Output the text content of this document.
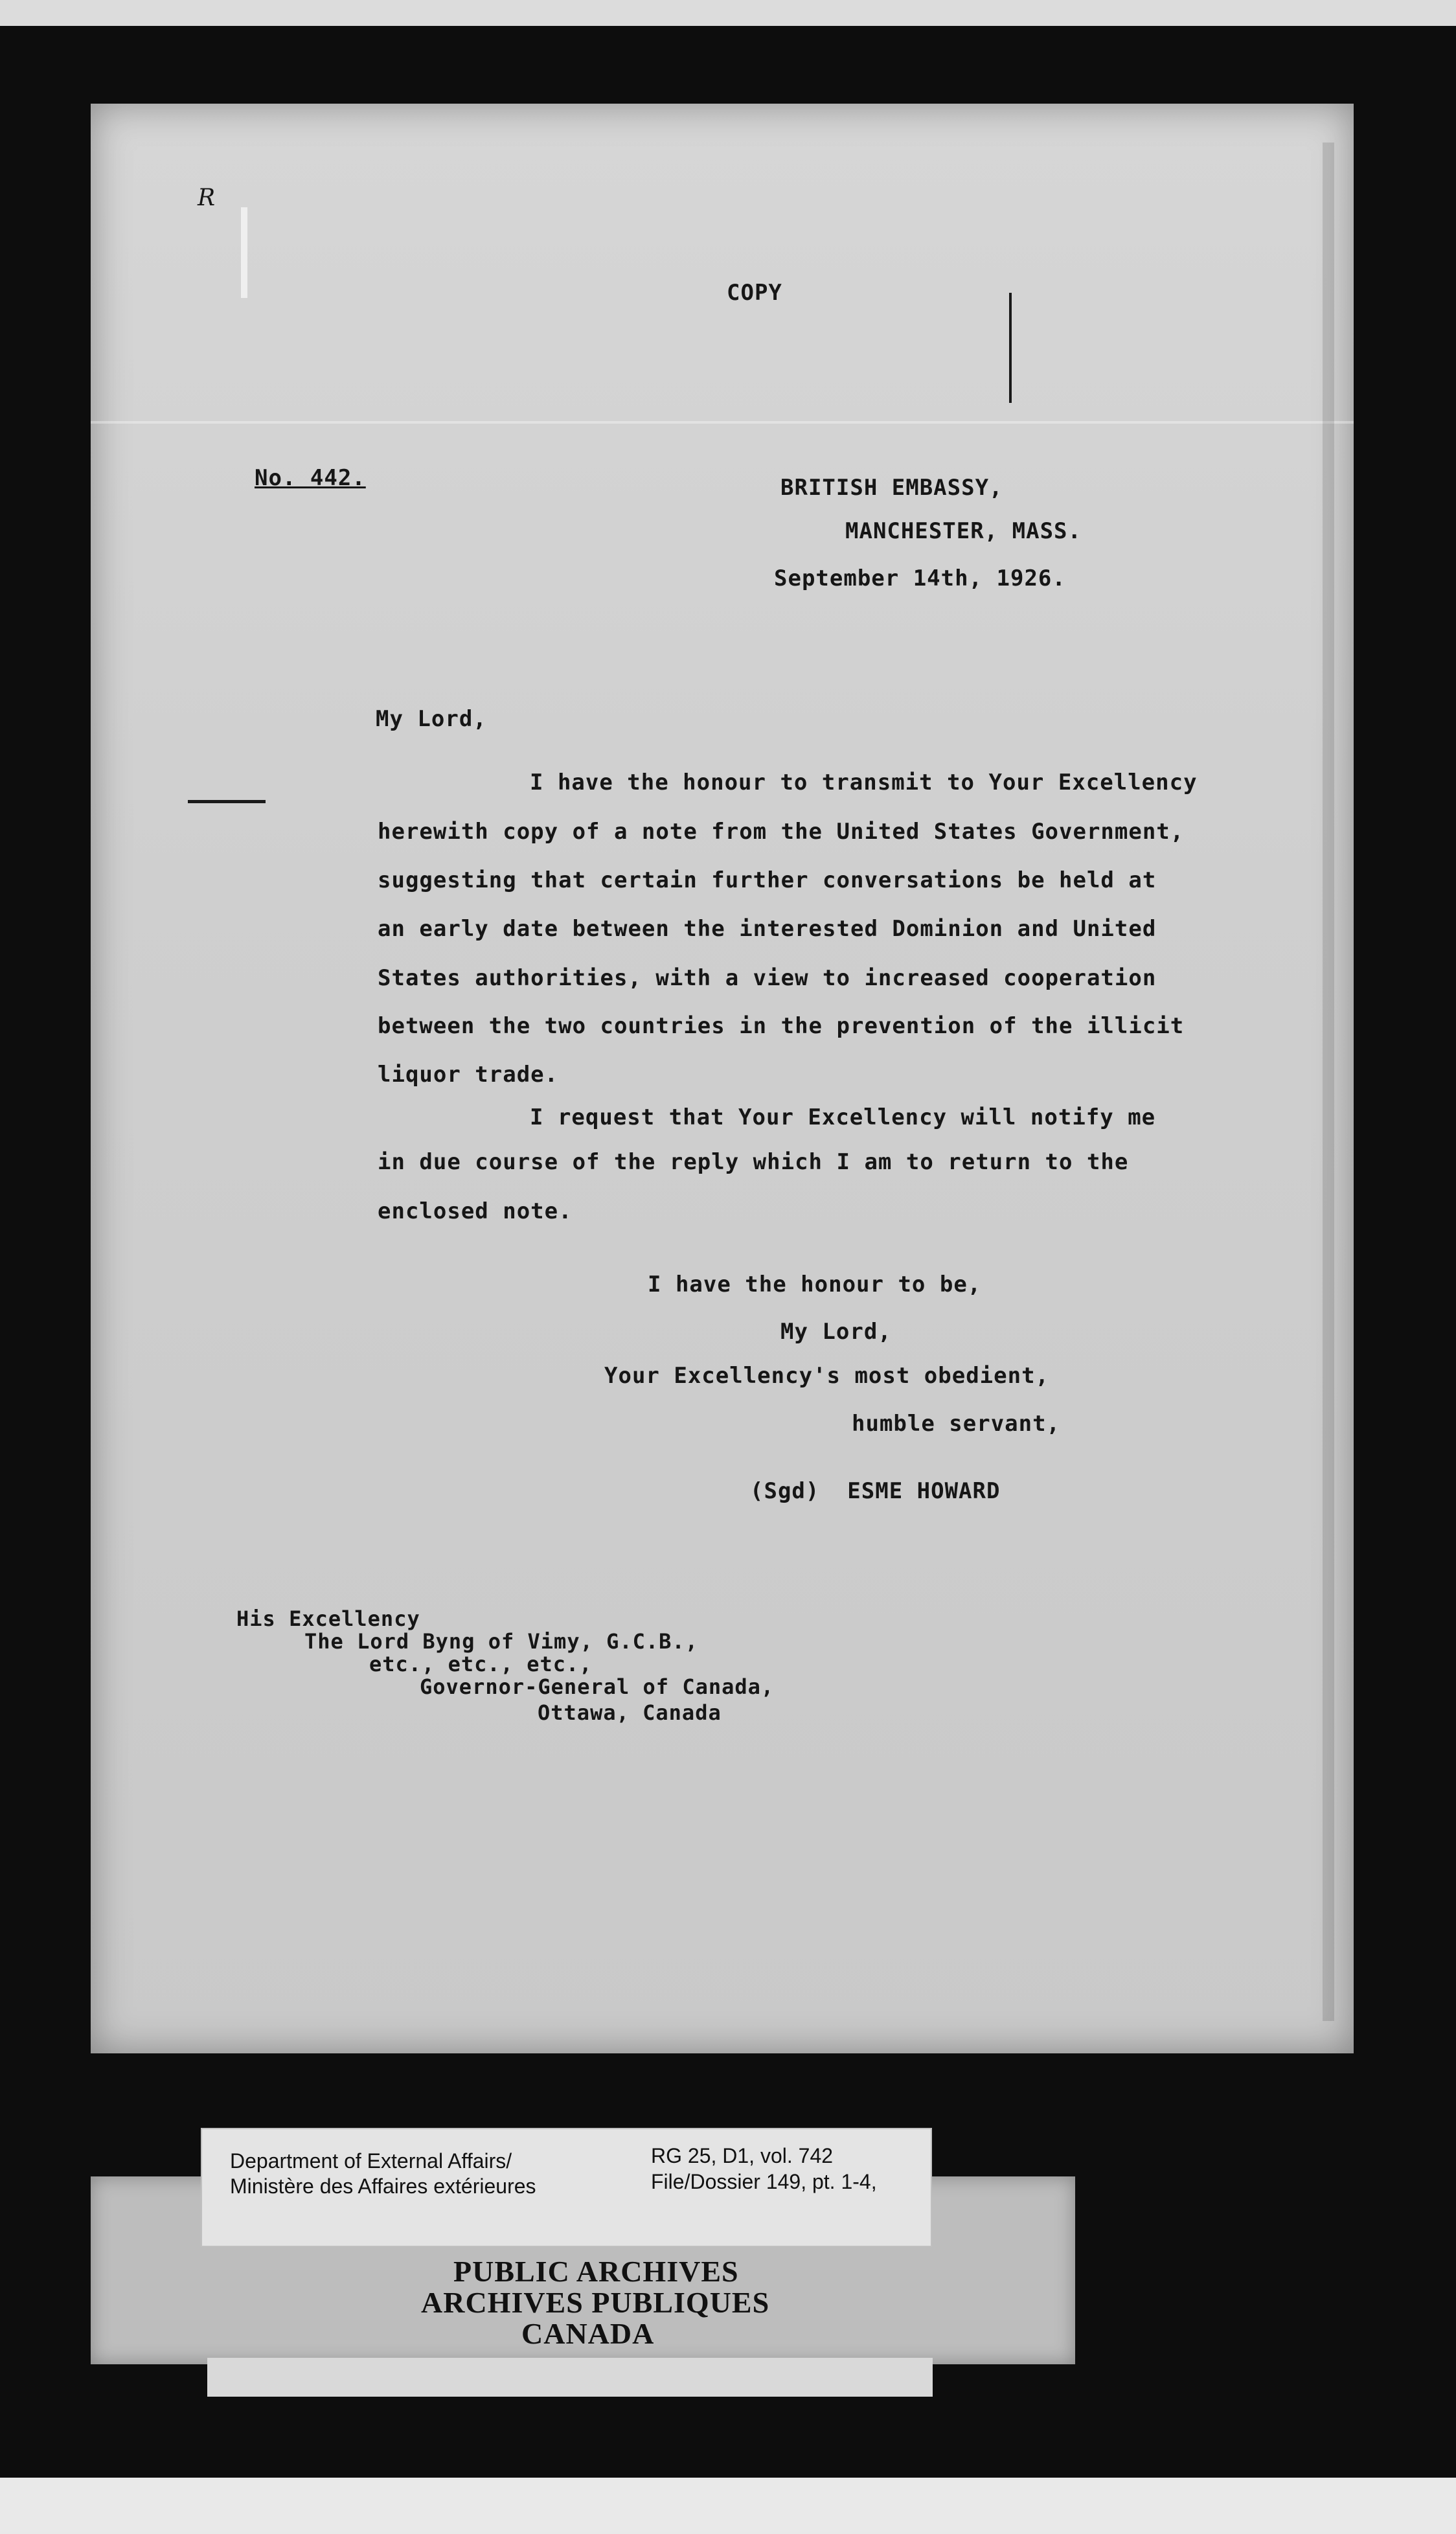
R
COPY
No. 442.	BRITISH EMBASSY,
MANCHESTER, MASS.
September 14th, 1926.
My Lord,
I have the honour to transmit to Your Excellency
herewith copy of a note from the United States Government,
suggesting that certain further conversations be held at
an early date between the interested Dominion and United
States authorities, with a view to increased cooperation
between the two countries in the prevention of the illicit
liquor trade.
I request that Your Excellency will notify me
in due course of the reply which I am to return to the
enclosed note.
I have the honour to be,
My Lord,
Your Excellency's most obedient,
humble servant,
(Sgd)  ESME HOWARD
His Excellency
The Lord Byng of Vimy, G.C.B.,
etc., etc., etc.,
Governor-General of Canada,
Ottawa, Canada
Department of External Affairs/
Ministère des Affaires extérieures
RG 25, D1, vol. 742
File/Dossier 149, pt. 1-4,
PUBLIC ARCHIVES
ARCHIVES PUBLIQUES
CANADA
